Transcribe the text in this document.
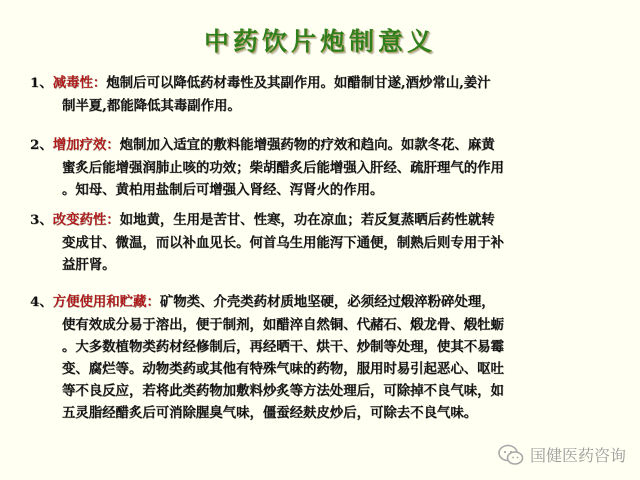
中药饮片炮制意义
1、减毒性：炮制后可以降低药材毒性及其副作用。如醋制甘遂,酒炒常山,姜汁
制半夏,都能降低其毒副作用。
2、增加疗效：炮制加入适宜的敷料能增强药物的疗效和趋向。如款冬花、麻黄
蜜炙后能增强润肺止咳的功效；柴胡醋炙后能增强入肝经、疏肝理气的作用
。知母、黄柏用盐制后可增强入肾经、泻肾火的作用。
3、改变药性：如地黄，生用是苦甘、性寒，功在凉血；若反复蒸晒后药性就转
变成甘、微温，而以补血见长。何首乌生用能泻下通便，制熟后则专用于补
益肝肾。
4、方便使用和贮藏：矿物类、介壳类药材质地坚硬，必须经过煅淬粉碎处理，
使有效成分易于溶出，便于制剂，如醋淬自然铜、代赭石、煅龙骨、煅牡蛎
。大多数植物类药材经修制后，再经晒干、烘干、炒制等处理，使其不易霉
变、腐烂等。动物类药或其他有特殊气味的药物，服用时易引起恶心、呕吐
等不良反应，若将此类药物加敷料炒炙等方法处理后，可除掉不良气味，如
五灵脂经醋炙后可消除腥臭气味，僵蚕经麸皮炒后，可除去不良气味。
国健医药咨询
